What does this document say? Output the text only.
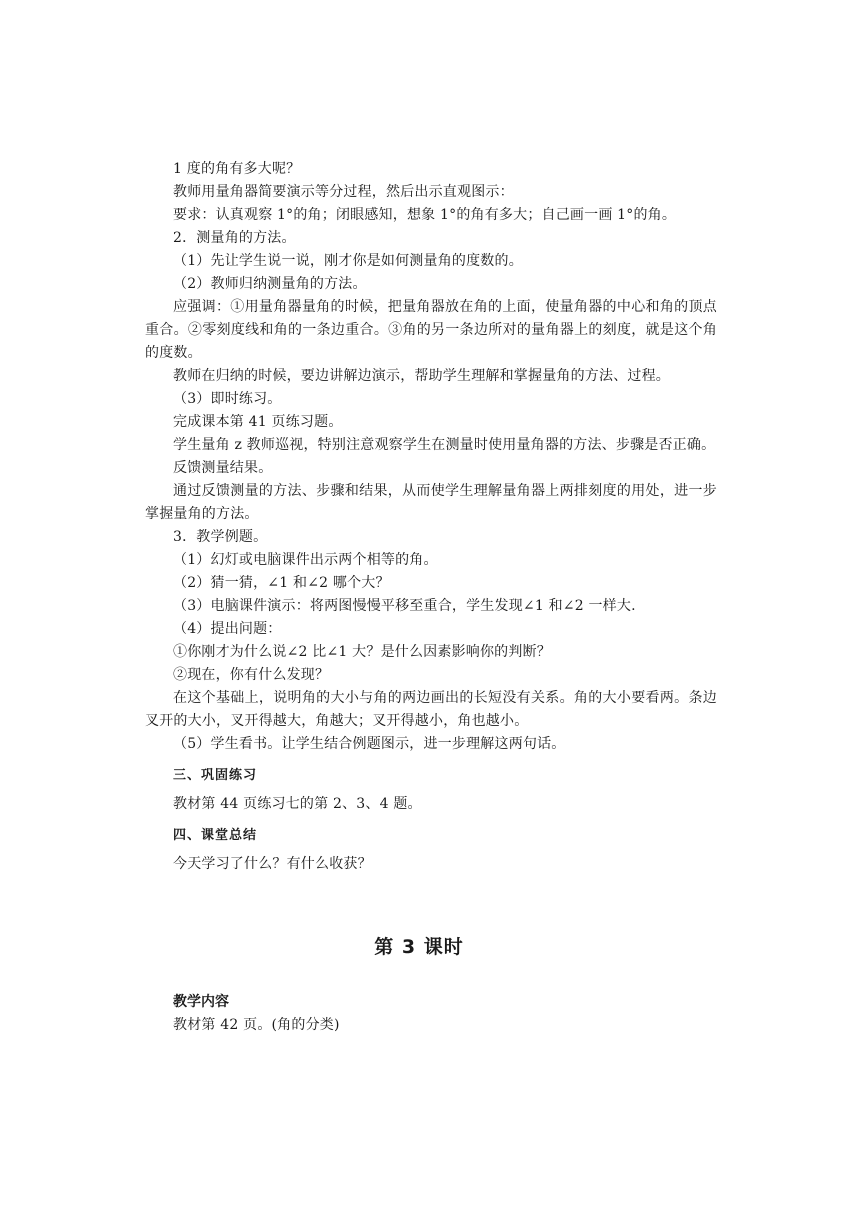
1 度的角有多大呢？
教师用量角器简要演示等分过程，然后出示直观图示：
要求：认真观察 1°的角；闭眼感知，想象 1°的角有多大；自己画一画 1°的角。
2．测量角的方法。
（1）先让学生说一说，刚才你是如何测量角的度数的。
（2）教师归纳测量角的方法。
应强调：①用量角器量角的时候，把量角器放在角的上面，使量角器的中心和角的顶点重合。②零刻度线和角的一条边重合。③角的另一条边所对的量角器上的刻度，就是这个角的度数。
教师在归纳的时候，要边讲解边演示，帮助学生理解和掌握量角的方法、过程。
（3）即时练习。
完成课本第 41 页练习题。
学生量角 z 教师巡视，特别注意观察学生在测量时使用量角器的方法、步骤是否正确。
反馈测量结果。
通过反馈测量的方法、步骤和结果，从而使学生理解量角器上两排刻度的用处，进一步掌握量角的方法。
3．教学例题。
（1）幻灯或电脑课件出示两个相等的角。
（2）猜一猜，∠1 和∠2 哪个大？
（3）电脑课件演示：将两图慢慢平移至重合，学生发现∠1 和∠2 一样大.
（4）提出问题：
①你刚才为什么说∠2 比∠1 大？是什么因素影响你的判断？
②现在，你有什么发现？
在这个基础上，说明角的大小与角的两边画出的长短没有关系。角的大小要看两。条边叉开的大小，叉开得越大，角越大；叉开得越小，角也越小。
（5）学生看书。让学生结合例题图示，进一步理解这两句话。
三、巩固练习
教材第 44 页练习七的第 2、3、4 题。
四、课堂总结
今天学习了什么？有什么收获？
第 3 课时
教学内容
教材第 42 页。(角的分类)
